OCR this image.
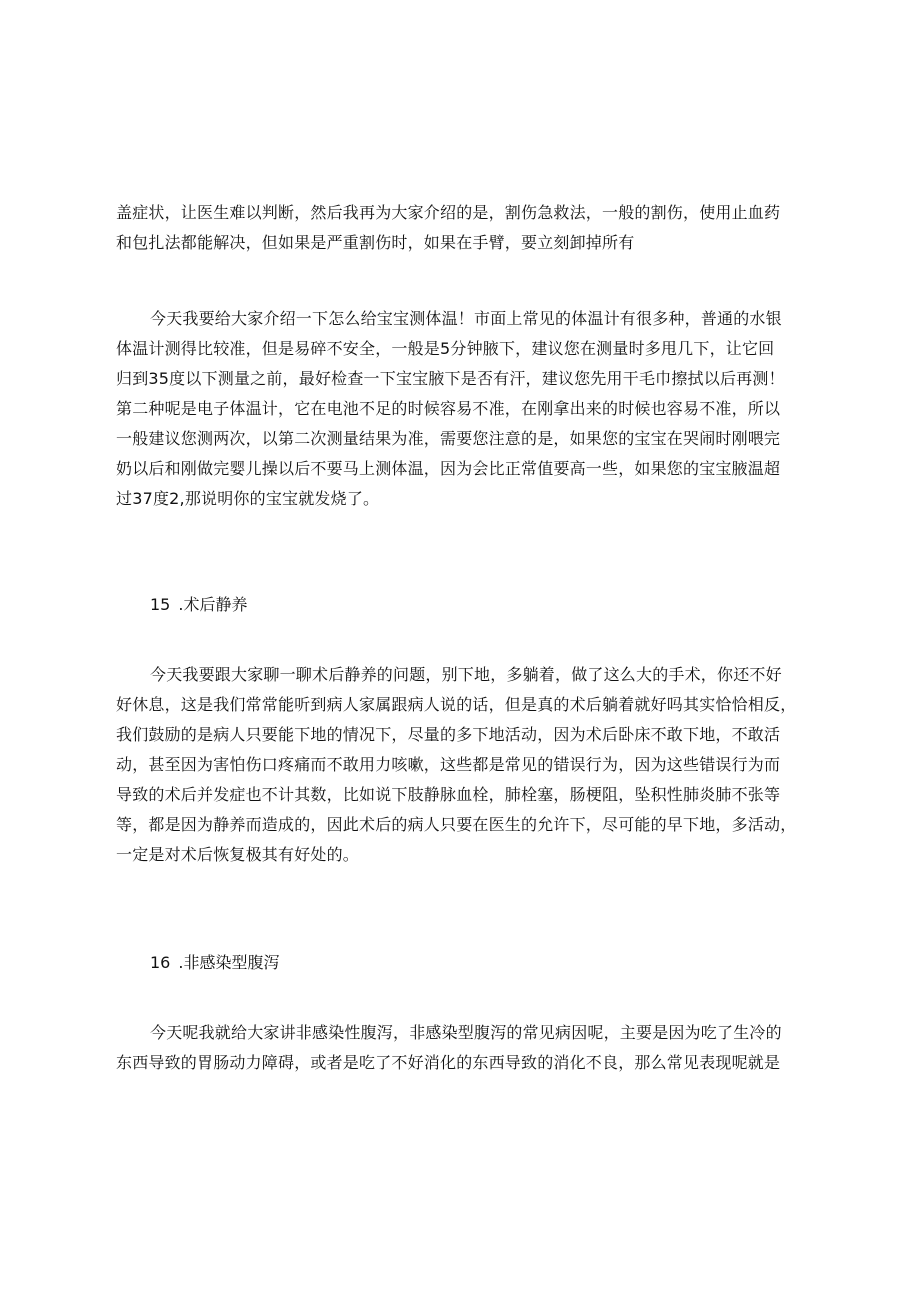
盖症状，让医生难以判断，然后我再为大家介绍的是，割伤急救法，一般的割伤，使用止血药
和包扎法都能解决，但如果是严重割伤时，如果在手臂，要立刻卸掉所有
今天我要给大家介绍一下怎么给宝宝测体温！市面上常见的体温计有很多种，普通的水银
体温计测得比较准，但是易碎不安全，一般是5分钟腋下，建议您在测量时多甩几下，让它回
归到35度以下测量之前，最好检查一下宝宝腋下是否有汗，建议您先用干毛巾擦拭以后再测！
第二种呢是电子体温计，它在电池不足的时候容易不准，在刚拿出来的时候也容易不准，所以
一般建议您测两次，以第二次测量结果为准，需要您注意的是，如果您的宝宝在哭闹时刚喂完
奶以后和刚做完婴儿操以后不要马上测体温，因为会比正常值要高一些，如果您的宝宝腋温超
过37度2,那说明你的宝宝就发烧了。
15 .术后静养
今天我要跟大家聊一聊术后静养的问题，别下地，多躺着，做了这么大的手术，你还不好
好休息，这是我们常常能听到病人家属跟病人说的话，但是真的术后躺着就好吗其实恰恰相反，
我们鼓励的是病人只要能下地的情况下，尽量的多下地活动，因为术后卧床不敢下地，不敢活
动，甚至因为害怕伤口疼痛而不敢用力咳嗽，这些都是常见的错误行为，因为这些错误行为而
导致的术后并发症也不计其数，比如说下肢静脉血栓，肺栓塞，肠梗阻，坠积性肺炎肺不张等
等，都是因为静养而造成的，因此术后的病人只要在医生的允许下，尽可能的早下地，多活动，
一定是对术后恢复极其有好处的。
16 .非感染型腹泻
今天呢我就给大家讲非感染性腹泻，非感染型腹泻的常见病因呢，主要是因为吃了生冷的
东西导致的胃肠动力障碍，或者是吃了不好消化的东西导致的消化不良，那么常见表现呢就是
